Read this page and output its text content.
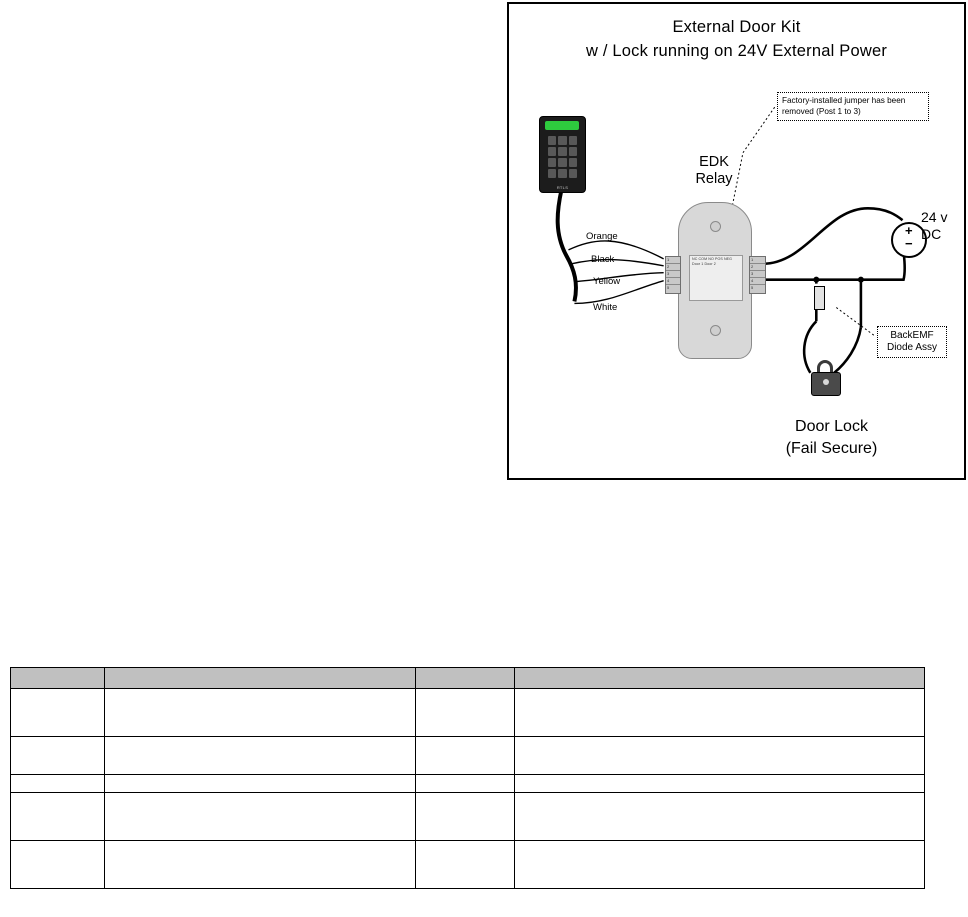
External Door Kit
w / Lock running on 24V External Power
RTLS
EDK
Relay
NC COM NO POS NEG Door 1 Door 2
1
2
3
4
5
1
2
3
4
5
Orange
Black
Yellow
White
Factory-installed jumper has been removed (Post 1 to 3)
BackEMF
Diode Assy
+
−
24 v
DC
Door Lock
(Fail Secure)
